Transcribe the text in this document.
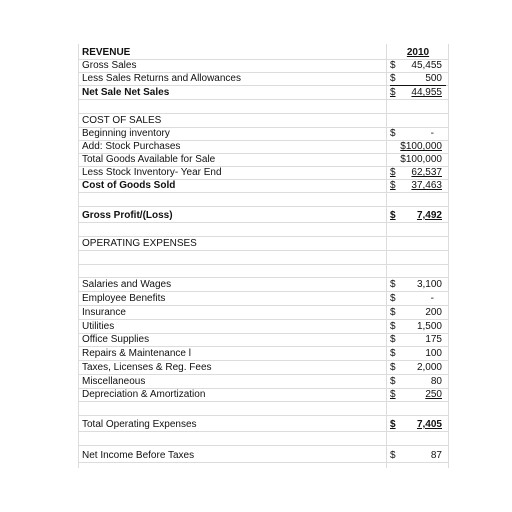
REVENUE	2010
Gross Sales	$ 45,455
Less Sales Returns and Allowances	$	500
Net Sale Net Sales	$ 44,955
COST OF SALES
Beginning inventory	$	-
Add: Stock Purchases	$100,000
Total Goods Available for Sale	$100,000
Less Stock Inventory- Year End	$ 62,537
Cost of Goods Sold	$ 37,463
Gross Profit/(Loss)	$ 7,492
OPERATING EXPENSES
Salaries and Wages	$ 3,100
Employee Benefits	$	-
Insurance	$	200
Utilities	$ 1,500
Office Supplies	$	175
Repairs & Maintenance l	$	100
Taxes, Licenses & Reg. Fees	$ 2,000
Miscellaneous	$	80
Depreciation & Amortization	$	250
Total Operating Expenses	$ 7,405
Net Income Before Taxes	$	87
